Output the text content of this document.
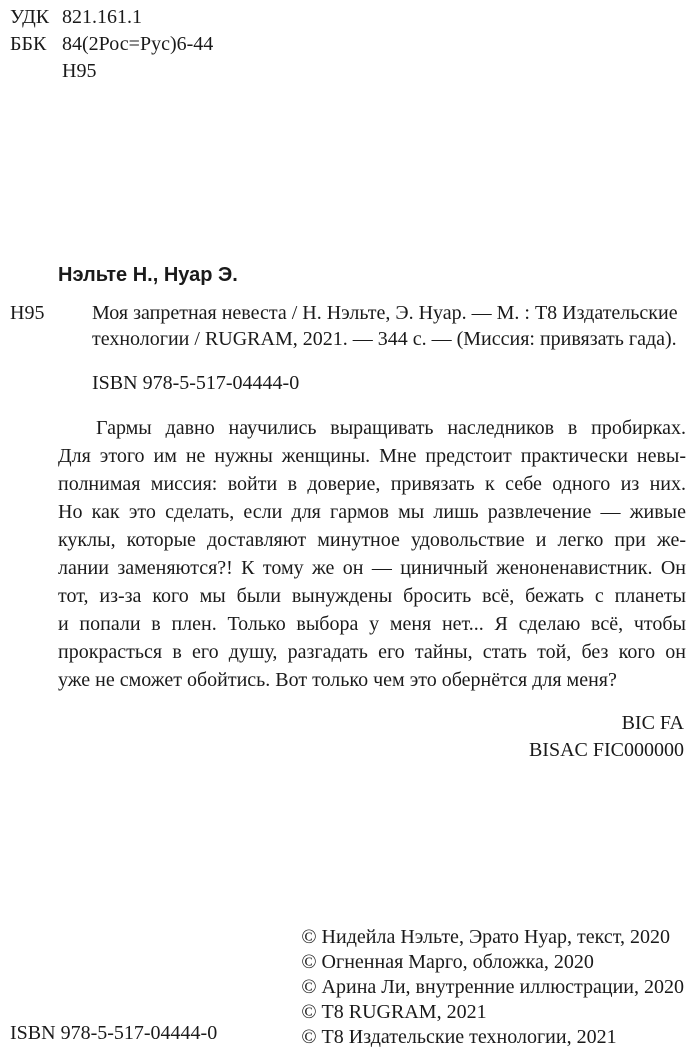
УДК 821.161.1
ББК 84(2Рос=Рус)6-44
Н95
Нэльте Н., Нуар Э.
Н95 Моя запретная невеста / Н. Нэльте, Э. Нуар. — М. : Т8 Издательские
технологии / RUGRAM, 2021. — 344 с. — (Миссия: привязать гада).
ISBN 978-5-517-04444-0
Гармы давно научились выращивать наследников в пробирках.
Для этого им не нужны женщины. Мне предстоит практически невы-
полнимая миссия: войти в доверие, привязать к себе одного из них.
Но как это сделать, если для гармов мы лишь развлечение — живые
куклы, которые доставляют минутное удовольствие и легко при же-
лании заменяются?! К тому же он — циничный женоненавистник. Он
тот, из-за кого мы были вынуждены бросить всё, бежать с планеты
и попали в плен. Только выбора у меня нет... Я сделаю всё, чтобы
прокрасться в его душу, разгадать его тайны, стать той, без кого он
уже не сможет обойтись. Вот только чем это обернётся для меня?
BIC FA
BISAC FIC000000
© Нидейла Нэльте, Эрато Нуар, текст, 2020
© Огненная Марго, обложка, 2020
© Арина Ли, внутренние иллюстрации, 2020
© Т8 RUGRAM, 2021
© Т8 Издательские технологии, 2021
ISBN 978-5-517-04444-0
